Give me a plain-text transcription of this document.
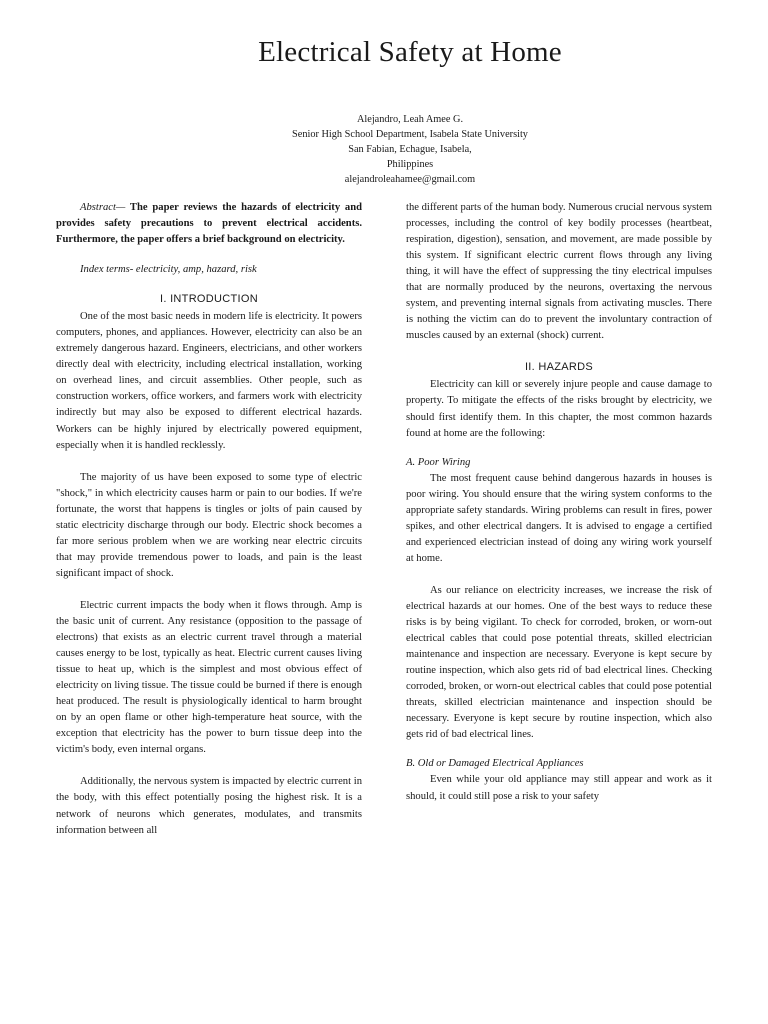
Electrical Safety at Home
Alejandro, Leah Amee G.
Senior High School Department, Isabela State University
San Fabian, Echague, Isabela,
Philippines
alejandroleahamee@gmail.com

Abstract— The paper reviews the hazards of electricity and provides safety precautions to prevent electrical accidents. Furthermore, the paper offers a brief background on electricity.

Index terms- electricity, amp, hazard, risk

I. INTRODUCTION

One of the most basic needs in modern life is electricity. It powers computers, phones, and appliances. However, electricity can also be an extremely dangerous hazard. Engineers, electricians, and other workers directly deal with electricity, including electrical installation, working on overhead lines, and circuit assemblies. Other people, such as construction workers, office workers, and farmers work with electricity indirectly but may also be exposed to different electrical hazards. Workers can be highly injured by electrically powered equipment, especially when it is handled recklessly.

The majority of us have been exposed to some type of electric "shock," in which electricity causes harm or pain to our bodies. If we're fortunate, the worst that happens is tingles or jolts of pain caused by static electricity discharge through our body. Electric shock becomes a far more serious problem when we are working near electric circuits that may provide tremendous power to loads, and pain is the least significant impact of shock.

Electric current impacts the body when it flows through. Amp is the basic unit of current. Any resistance (opposition to the passage of electrons) that exists as an electric current travel through a material causes energy to be lost, typically as heat. Electric current causes living tissue to heat up, which is the simplest and most obvious effect of electricity on living tissue. The tissue could be burned if there is enough heat produced. The result is physiologically identical to harm brought on by an open flame or other high-temperature heat source, with the exception that electricity has the power to burn tissue deep into the victim's body, even internal organs.

Additionally, the nervous system is impacted by electric current in the body, with this effect potentially posing the highest risk. It is a network of neurons which generates, modulates, and transmits information between all

the different parts of the human body. Numerous crucial nervous system processes, including the control of key bodily processes (heartbeat, respiration, digestion), sensation, and movement, are made possible by this system. If significant electric current flows through any living thing, it will have the effect of suppressing the tiny electrical impulses that are normally produced by the neurons, overtaxing the nervous system, and preventing internal signals from activating muscles. There is nothing the victim can do to prevent the involuntary contraction of muscles caused by an external (shock) current.

II. HAZARDS

Electricity can kill or severely injure people and cause damage to property. To mitigate the effects of the risks brought by electricity, we should first identify them. In this chapter, the most common hazards found at home are the following:

A. Poor Wiring

The most frequent cause behind dangerous hazards in houses is poor wiring. You should ensure that the wiring system conforms to the appropriate safety standards. Wiring problems can result in fires, power spikes, and other electrical dangers. It is advised to engage a certified and experienced electrician instead of doing any wiring work yourself at home.

As our reliance on electricity increases, we increase the risk of electrical hazards at our homes. One of the best ways to reduce these risks is by being vigilant. To check for corroded, broken, or worn-out electrical cables that could pose potential threats, skilled electrician maintenance and inspection are necessary. Everyone is kept secure by routine inspection, which also gets rid of bad electrical lines. Checking corroded, broken, or worn-out electrical cables that could pose potential threats, skilled electrician maintenance and inspection should be necessary. Everyone is kept secure by routine inspection, which also gets rid of bad electrical lines.

B. Old or Damaged Electrical Appliances

Even while your old appliance may still appear and work as it should, it could still pose a risk to your safety
